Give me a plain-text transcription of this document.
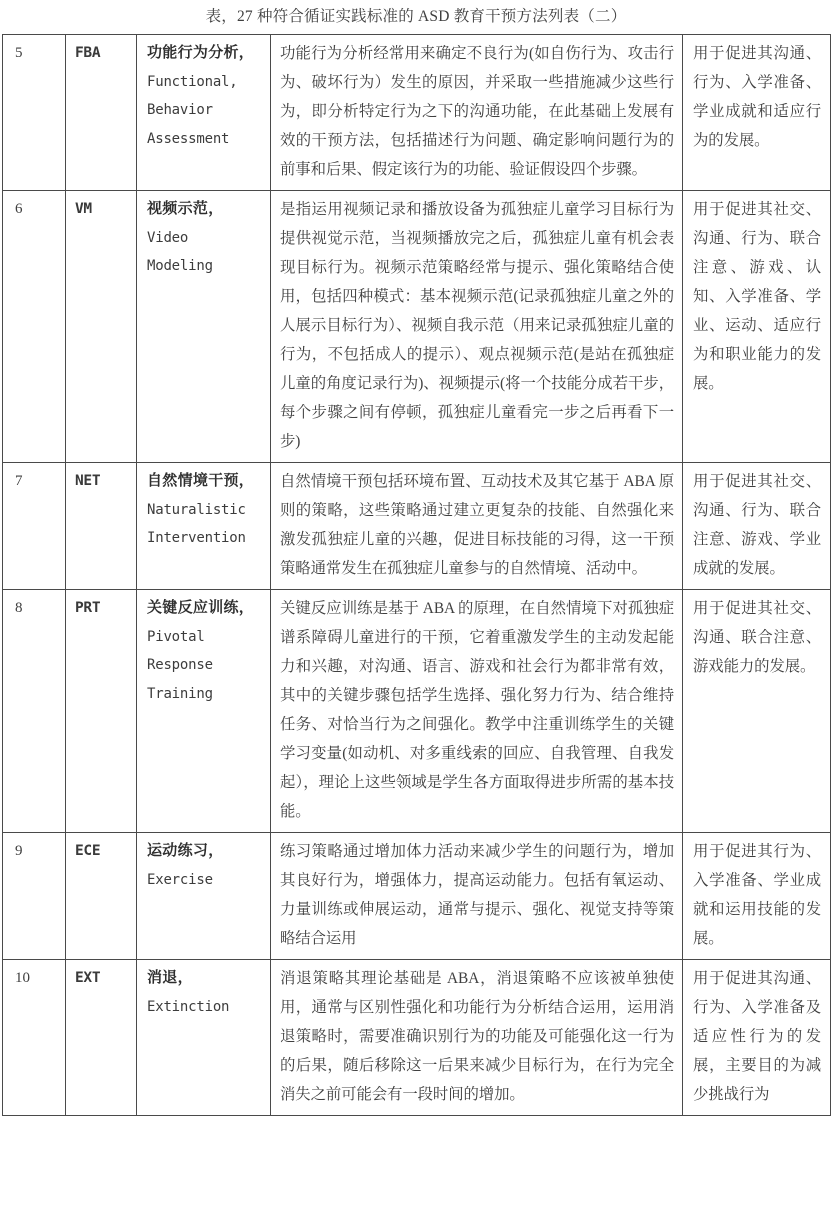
表，27 种符合循证实践标准的 ASD 教育干预方法列表（二）
5	FBA	功能行为分析，
Functional,
Behavior
Assessment	功能行为分析经常用来确定不良行为(如自伤行为、攻击行为、破坏行为）发生的原因，并采取一些措施减少这些行为，即分析特定行为之下的沟通功能，在此基础上发展有效的干预方法，包括描述行为问题、确定影响问题行为的前事和后果、假定该行为的功能、验证假设四个步骤。	用于促进其沟通、行为、入学准备、学业成就和适应行为的发展。
6	VM	视频示范，
Video
Modeling
	是指运用视频记录和播放设备为孤独症儿童学习目标行为提供视觉示范，当视频播放完之后，孤独症儿童有机会表现目标行为。视频示范策略经常与提示、强化策略结合使用，包括四种模式：基本视频示范(记录孤独症儿童之外的人展示目标行为）、视频自我示范（用来记录孤独症儿童的行为，不包括成人的提示）、观点视频示范(是站在孤独症儿童的角度记录行为)、视频提示(将一个技能分成若干步，每个步骤之间有停顿，孤独症儿童看完一步之后再看下一步)	用于促进其社交、沟通、行为、联合注意、游戏、认知、入学准备、学业、运动、适应行为和职业能力的发展。
7	NET	自然情境干预，
Naturalistic
Intervention	自然情境干预包括环境布置、互动技术及其它基于 ABA 原则的策略，这些策略通过建立更复杂的技能、自然强化来激发孤独症儿童的兴趣，促进目标技能的习得，这一干预策略通常发生在孤独症儿童参与的自然情境、活动中。	用于促进其社交、沟通、行为、联合注意、游戏、学业成就的发展。
8	PRT	关键反应训练，
Pivotal
Response
Training	关键反应训练是基于 ABA 的原理，在自然情境下对孤独症谱系障碍儿童进行的干预，它着重激发学生的主动发起能力和兴趣，对沟通、语言、游戏和社会行为都非常有效，其中的关键步骤包括学生选择、强化努力行为、结合维持任务、对恰当行为之间强化。教学中注重训练学生的关键学习变量(如动机、对多重线索的回应、自我管理、自我发起），理论上这些领域是学生各方面取得进步所需的基本技能。	用于促进其社交、沟通、联合注意、游戏能力的发展。
9	ECE	运动练习，
Exercise	练习策略通过增加体力活动来减少学生的问题行为，增加其良好行为，增强体力，提高运动能力。包括有氧运动、力量训练或伸展运动，通常与提示、强化、视觉支持等策略结合运用	用于促进其行为、入学准备、学业成就和运用技能的发展。
10	EXT	消退，
Extinction	消退策略其理论基础是 ABA，消退策略不应该被单独使用，通常与区别性强化和功能行为分析结合运用，运用消退策略时，需要准确识别行为的功能及可能强化这一行为的后果，随后移除这一后果来减少目标行为，在行为完全消失之前可能会有一段时间的增加。	用于促进其沟通、行为、入学准备及适应性行为的发展，主要目的为减少挑战行为
